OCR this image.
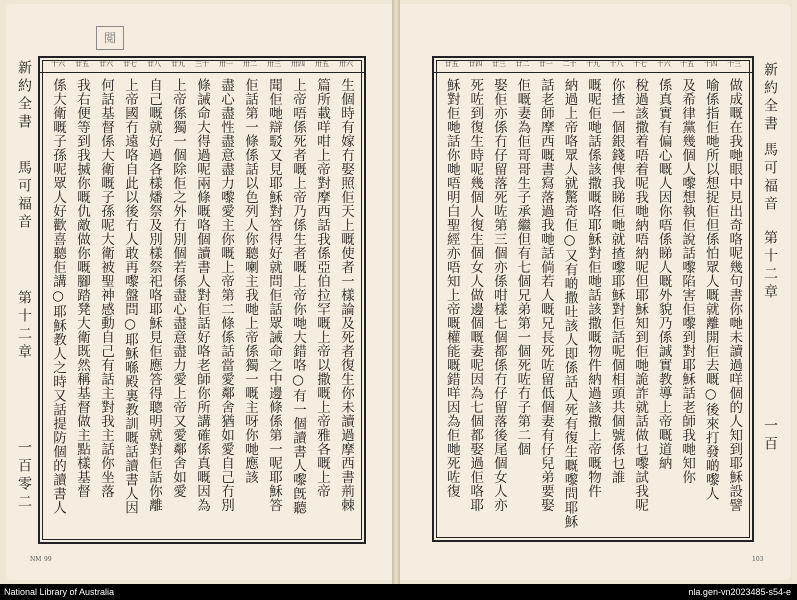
閲
新約全書
馬可福音
第十二章
一百零二
卅六
卅五
卅四
卅三
卅二
卅一
三十
廿九
廿八
廿七
廿六
廿五
十六
生個時有嫁冇娶照佢天上嘅使者一樣論及死者復生你未讀過摩西書荊棘
篇所載咩咁上帝對摩西話我係亞伯拉罕嘅上帝以撒嘅上帝雅各嘅上帝
上帝唔係死者嘅上帝乃係生者嘅上帝你哋大錯咯○有一個讀書人嚟旣聽
聞佢哋辯駁又見耶穌對答得好就問佢話眾誡命之中邊條係第一呢耶穌答
佢話第一條係話以色列人你聽喇主我哋上帝係獨一嘅主呀你哋應該
盡心盡性盡意盡力嚟愛主你嘅上帝第二條係話當愛鄰舍猶如愛自己冇別
條誡命大得過呢兩條嘅咯個讀書人對佢話好咯老師你所講確係真嘅因為
上帝係獨一個除佢之外冇別個若係盡心盡意盡力愛上帝又愛鄰舍如愛
自己嘅就好過各樣燔祭及別樣祭祀咯耶穌見佢應答得聰明就對佢話你離
上帝國冇遠咯自此以後冇人敢再嚟盤問○耶穌喺殿裏教訓嘅話讀書人因
何話基督係大衛嘅子孫呢大衛被聖神感動自己有話主對我主話你坐落
我右便等到我搣你嘅仇敵做你嘅腳踏凳大衛既然稱基督做主點樣基督
係大衛嘅子孫呢眾人好歡喜聽佢講○耶穌教人之時又話提防個的讀書人
NM 99
新約全書
馬可福音
第十二章
一百
十三
十四
十五
十六
十七
十八
十九
二十
廿一
廿二
廿三
廿四
廿五
做成嘅在我哋眼中見出奇咯呢幾句書你哋未讀過咩個的人知到耶穌設譬
喻係指佢哋所以想捉佢但係怕眾人嘅就離開佢去嘅○後來打發啲嚟人
及希律黨幾個人嚟想執佢說話嚟陷害佢嚟到對耶穌話老師我哋知你
係真實有偏心嘅人因你唔係睇人嘅外貌乃係誠實教導上帝嘅道納
稅過該撒着唔着呢我哋納唔納呢但耶穌知到佢哋詭詐就話做乜嚟試我呢
你揸一個銀錢俾我睇佢哋就揸嚟耶穌對佢話呢個相頭共個號係乜誰
嘅呢佢哋話係該撒嘅咯耶穌對佢哋話該撒嘅物件納過該撒上帝嘅物件
納過上帝咯眾人就驚奇佢○又有啲撒吐該人即係話人死有復生嘅嚟問耶穌
話老師摩西嘅書寫落過我哋話倘若人嘅兄長死咗留低個妻有仔兒弟要娶
佢嘅妻為佢哥哥生子承繼但有七個兄弟第一個死咗冇子第二個
娶佢亦係冇仔留落死咗第三個亦係咁樣七個都係冇仔留落後尾個女人亦
死咗到復生時呢幾個人復生個女人做邊個嘅妻呢因為七個都娶過佢咯耶
穌對佢哋話你哋唔明白聖經亦唔知上帝嘅權能嘅錯咩因為佢哋死咗復
103
National Library of Australia	nla.gen-vn2023485-s54-e
